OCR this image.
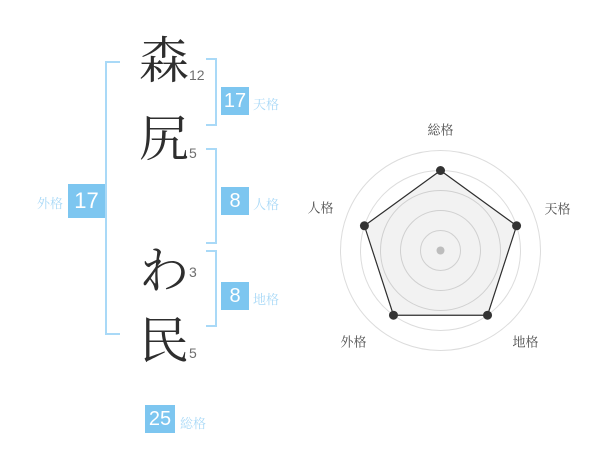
森
尻
わ
民
12
5
3
5
17 天格
8 人格
8 地格
外格 17
25 総格
総格
天格
地格
外格
人格
